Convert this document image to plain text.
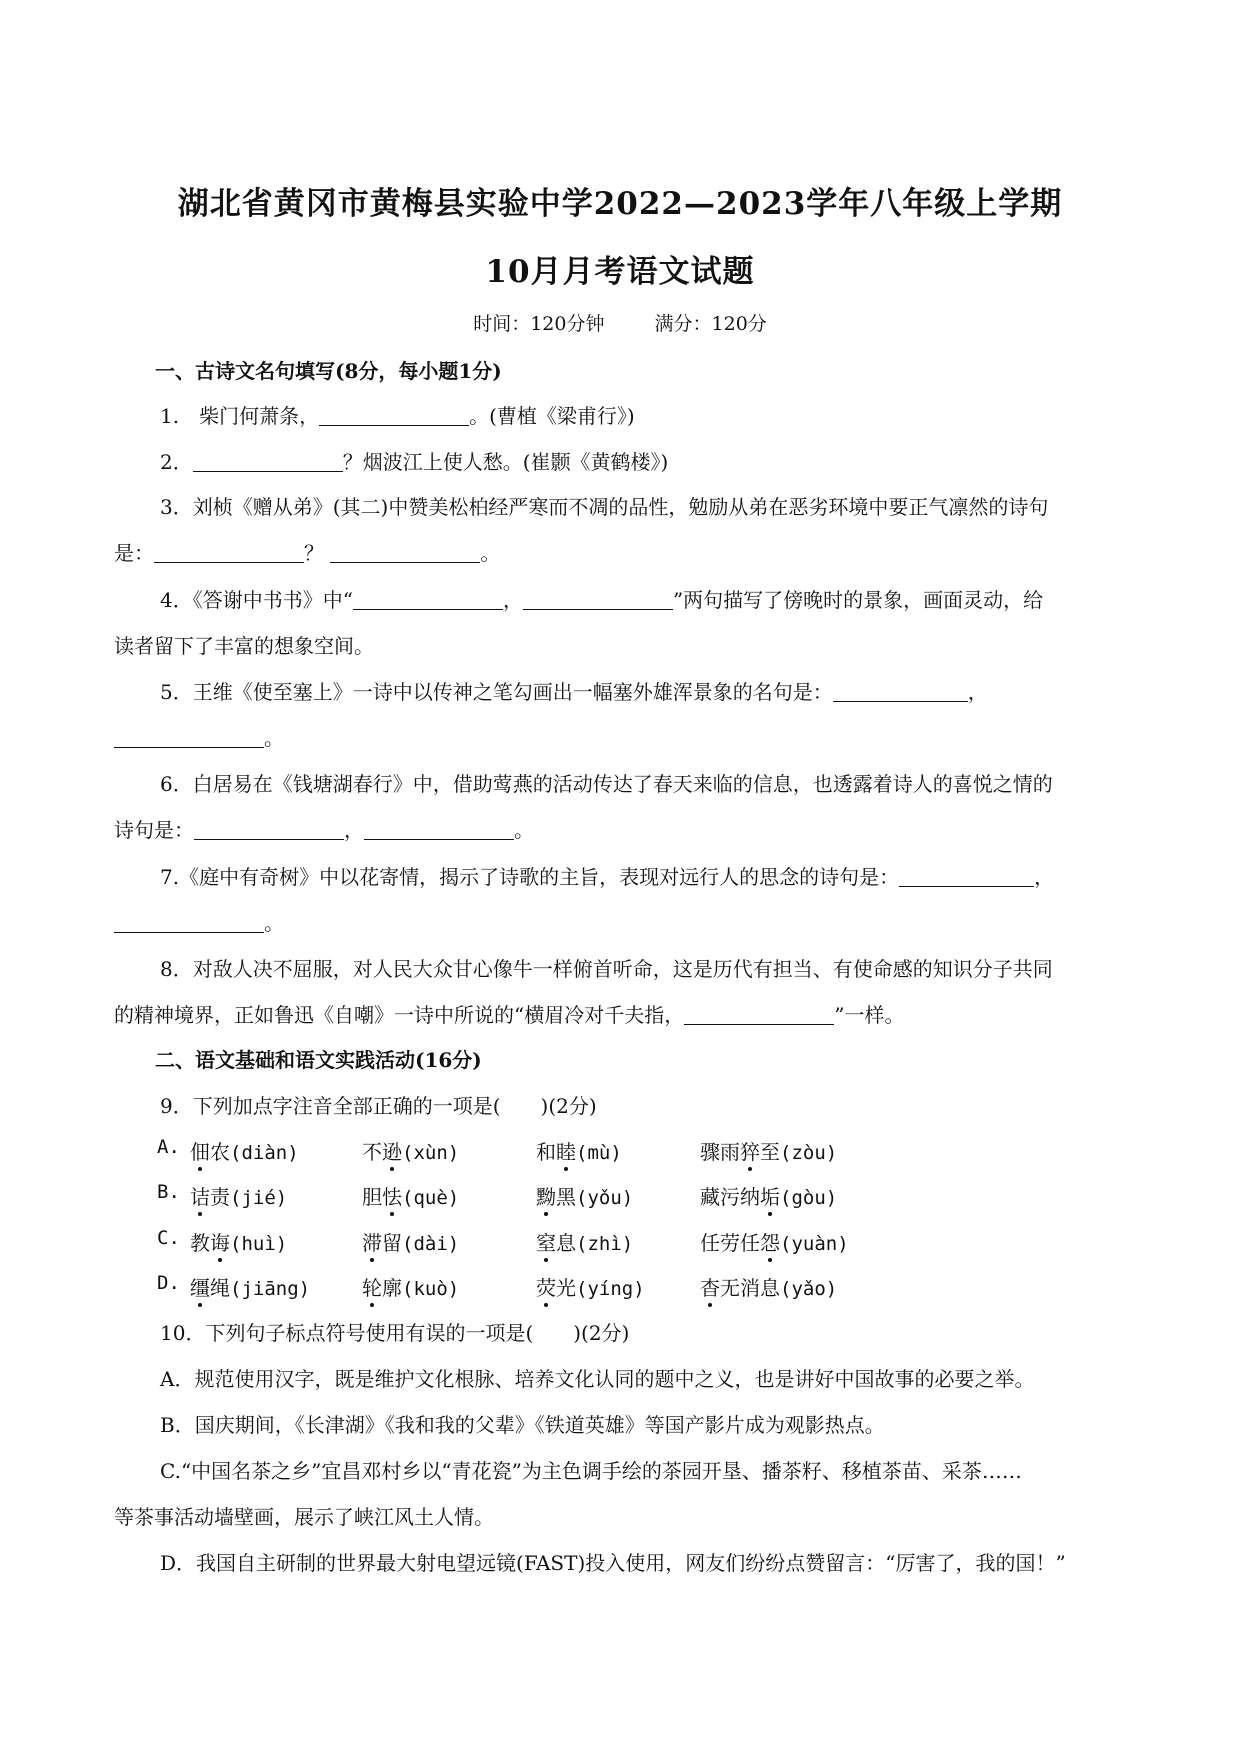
湖北省黄冈市黄梅县实验中学2022—2023学年八年级上学期
10月月考语文试题
时间：120分钟	满分：120分
一、古诗文名句填写(8分，每小题1分)
1.　柴门何萧条，	。(曹植《梁甫行》)
2．	？烟波江上使人愁。(崔颢《黄鹤楼》)
3．刘桢《赠从弟》(其二)中赞美松柏经严寒而不凋的品性，勉励从弟在恶劣环境中要正气凛然的诗句
是：	？	。
4．《答谢中书书》中“	，	”两句描写了傍晚时的景象，画面灵动，给
读者留下了丰富的想象空间。
5．王维《使至塞上》一诗中以传神之笔勾画出一幅塞外雄浑景象的名句是：	，
。
6．白居易在《钱塘湖春行》中，借助莺燕的活动传达了春天来临的信息，也透露着诗人的喜悦之情的
诗句是：	，	。
7.《庭中有奇树》中以花寄情，揭示了诗歌的主旨，表现对远行人的思念的诗句是：	，
。
8．对敌人决不屈服，对人民大众甘心像牛一样俯首听命，这是历代有担当、有使命感的知识分子共同
的精神境界，正如鲁迅《自嘲》一诗中所说的“横眉冷对千夫指，	”一样。
二、语文基础和语文实践活动(16分)
9．下列加点字注音全部正确的一项是(　　)(2分)
A. 佃农(diàn)	不逊(xùn)	和睦(mù)	骤雨猝至(zòu)
B. 诘责(jié)	胆怯(què)	黝黑(yǒu)	藏污纳垢(gòu)
C. 教诲(huì)	滞留(dài)	窒息(zhì)	任劳任怨(yuàn)
D. 缰绳(jiāng)	轮廓(kuò)	荧光(yíng)	杳无消息(yǎo)
10．下列句子标点符号使用有误的一项是(　　)(2分)
A．规范使用汉字，既是维护文化根脉、培养文化认同的题中之义，也是讲好中国故事的必要之举。
B．国庆期间，《长津湖》《我和我的父辈》《铁道英雄》等国产影片成为观影热点。
C.“中国名茶之乡”宜昌邓村乡以“青花瓷”为主色调手绘的茶园开垦、播茶籽、移植茶苗、采茶……
等茶事活动墙壁画，展示了峡江风土人情。
D．我国自主研制的世界最大射电望远镜(FAST)投入使用，网友们纷纷点赞留言：“厉害了，我的国！”
